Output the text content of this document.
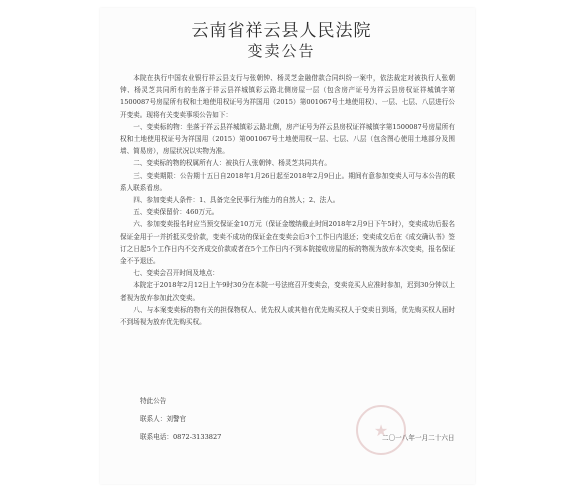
云南省祥云县人民法院
变卖公告

本院在执行中国农业银行祥云县支行与张朝钟、杨灵芝金融借款合同纠纷一案中，依法裁定对被执行人张朝钟、杨灵芝共同所有的坐落于祥云县祥城镇彩云路北侧房屋一层（包含房产证号为祥云县房权证祥城镇字第1500087号房屋所有权和土地使用权证号为祥国用（2015）第001067号土地使用权）、一层、七层、八层进行公开变卖。现将有关变卖事项公告如下：

一、变卖标的物：坐落于祥云县祥城镇彩云路北侧，房产证号为祥云县房权证祥城镇字第1500087号房屋所有权和土地使用权证号为祥国用（2015）第001067号土地使用权一层、七层、八层（包含图心使用土地部分及围墙、简易房），房屋状况以实物为准。

二、变卖标的物的权属所有人：被执行人张朝钟、杨灵芝共同共有。

三、变卖期限：公告期十五日自2018年1月26日起至2018年2月9日止。期间有意参加变卖人可与本公告的联系人联系看房。

四、参加变卖人条件：1、具备完全民事行为能力的自然人；2、法人。

五、变卖保留价：460万元。

六、参加变卖报名时应当预交保证金10万元（保证金缴纳截止时间2018年2月9日下午5时），变卖成功后报名保证金用于一并折抵买受价款，变卖不成功的保证金在变卖会后3个工作日内退还；变卖成交后在《成交确认书》签订之日起5个工作日内不交齐成交价款或者在5个工作日内不到本院接收房屋的标的物视为放弃本次变卖，报名保证金不予退还。

七、变卖会召开时间及地点：

本院定于2018年2月12日上午9时30分在本院一号法庭召开变卖会，变卖竞买人应准时参加，迟到30分钟以上者视为放弃参加此次变卖。

八、与本案变卖标的物有关的担保物权人、优先权人或其他有优先购买权人于变卖日到场，优先购买权人届时不到场视为放弃优先购买权。

特此公告
联系人：刘警官
联系电话：0872-3133827	★
二〇一八年一月二十六日
